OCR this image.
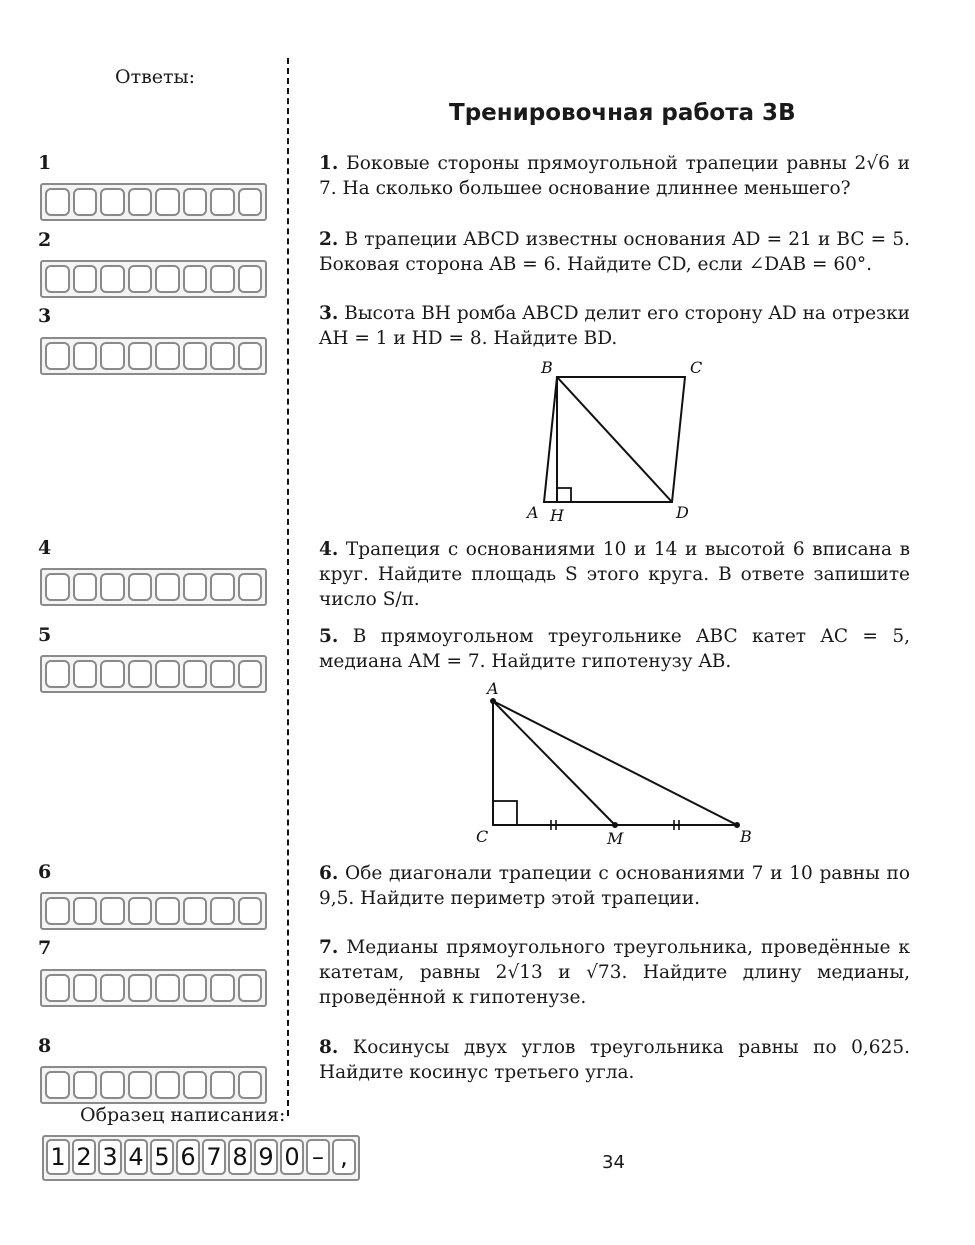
Ответы:
1
2
3
4
5
6
7
8
Образец написания:
1 2 3 4 5 6 7 8 9 0 – ,
Тренировочная работа 3B
1. Боковые стороны прямоугольной трапеции равны 2√6 и 7. На сколько большее основание длиннее меньшего?
2. В трапеции ABCD известны основания AD = 21 и BC = 5. Боковая сторона AB = 6. Найдите CD, если ∠DAB = 60°.
3. Высота BH ромба ABCD делит его сторону AD на отрезки AH = 1 и HD = 8. Найдите BD.
B	C
A H	D
4. Трапеция с основаниями 10 и 14 и высотой 6 вписана в круг. Найдите площадь S этого круга. В ответе запишите число S/π.
5. В прямоугольном треугольнике ABC катет AC = 5, медиана AM = 7. Найдите гипотенузу AB.
A
C	M	B
6. Обе диагонали трапеции с основаниями 7 и 10 равны по 9,5. Найдите периметр этой трапеции.
7. Медианы прямоугольного треугольника, проведённые к катетам, равны 2√13 и √73. Найдите длину медианы, проведённой к гипотенузе.
8. Косинусы двух углов треугольника равны по 0,625. Найдите косинус третьего угла.
34
